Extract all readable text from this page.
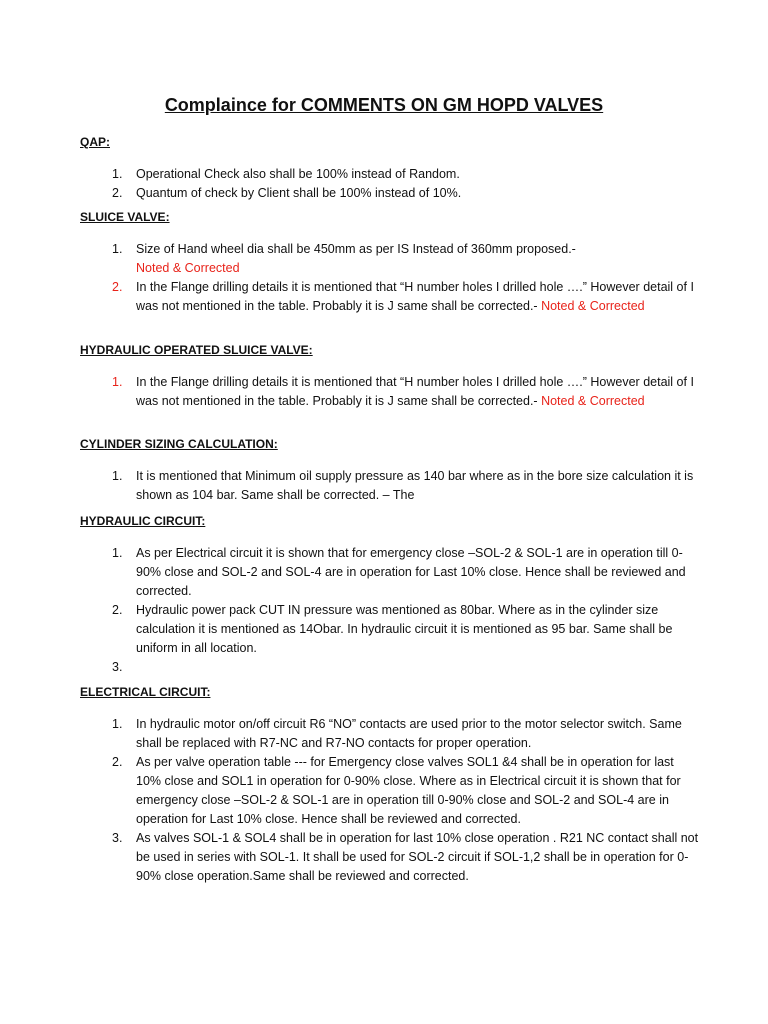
Complaince for COMMENTS ON GM HOPD VALVES
QAP:
1. Operational Check also shall be 100% instead of Random.
2. Quantum of check by Client shall be 100% instead of 10%.
SLUICE VALVE:
1. Size of Hand wheel dia shall be 450mm as per IS Instead of 360mm proposed.-
Noted & Corrected
2. In the Flange drilling details it is mentioned that “H number holes I drilled hole ….” However detail of I was not mentioned in the table. Probably it is J same shall be corrected.- Noted & Corrected
HYDRAULIC OPERATED SLUICE VALVE:
1. In the Flange drilling details it is mentioned that “H number holes I drilled hole ….” However detail of I was not mentioned in the table. Probably it is J same shall be corrected.- Noted & Corrected
CYLINDER SIZING CALCULATION:
1. It is mentioned that Minimum oil supply pressure as 140 bar where as in the bore size calculation it is shown as 104 bar. Same shall be corrected. – The
HYDRAULIC CIRCUIT:
1. As per Electrical circuit it is shown that for emergency close –SOL-2 & SOL-1 are in operation till 0-90% close and SOL-2 and SOL-4 are in operation for Last 10% close. Hence shall be reviewed and corrected.
2. Hydraulic power pack CUT IN pressure was mentioned as 80bar. Where as in the cylinder size calculation it is mentioned as 14Obar. In hydraulic circuit it is mentioned as 95 bar. Same shall be uniform in all location.
3.

ELECTRICAL CIRCUIT:
1. In hydraulic motor on/off circuit R6 “NO” contacts are used prior to the motor selector switch. Same shall be replaced with R7-NC and R7-NO contacts for proper operation.
2. As per valve operation table --- for Emergency close valves SOL1 &4 shall be in operation for last 10% close and SOL1 in operation for 0-90% close. Where as in Electrical circuit it is shown that for emergency close –SOL-2 & SOL-1 are in operation till 0-90% close and SOL-2 and SOL-4 are in operation for Last 10% close. Hence shall be reviewed and corrected.
3. As valves SOL-1 & SOL4 shall be in operation for last 10% close operation . R21 NC contact shall not be used in series with SOL-1. It shall be used for SOL-2 circuit if SOL-1,2 shall be in operation for 0-90% close operation.Same shall be reviewed and corrected.
